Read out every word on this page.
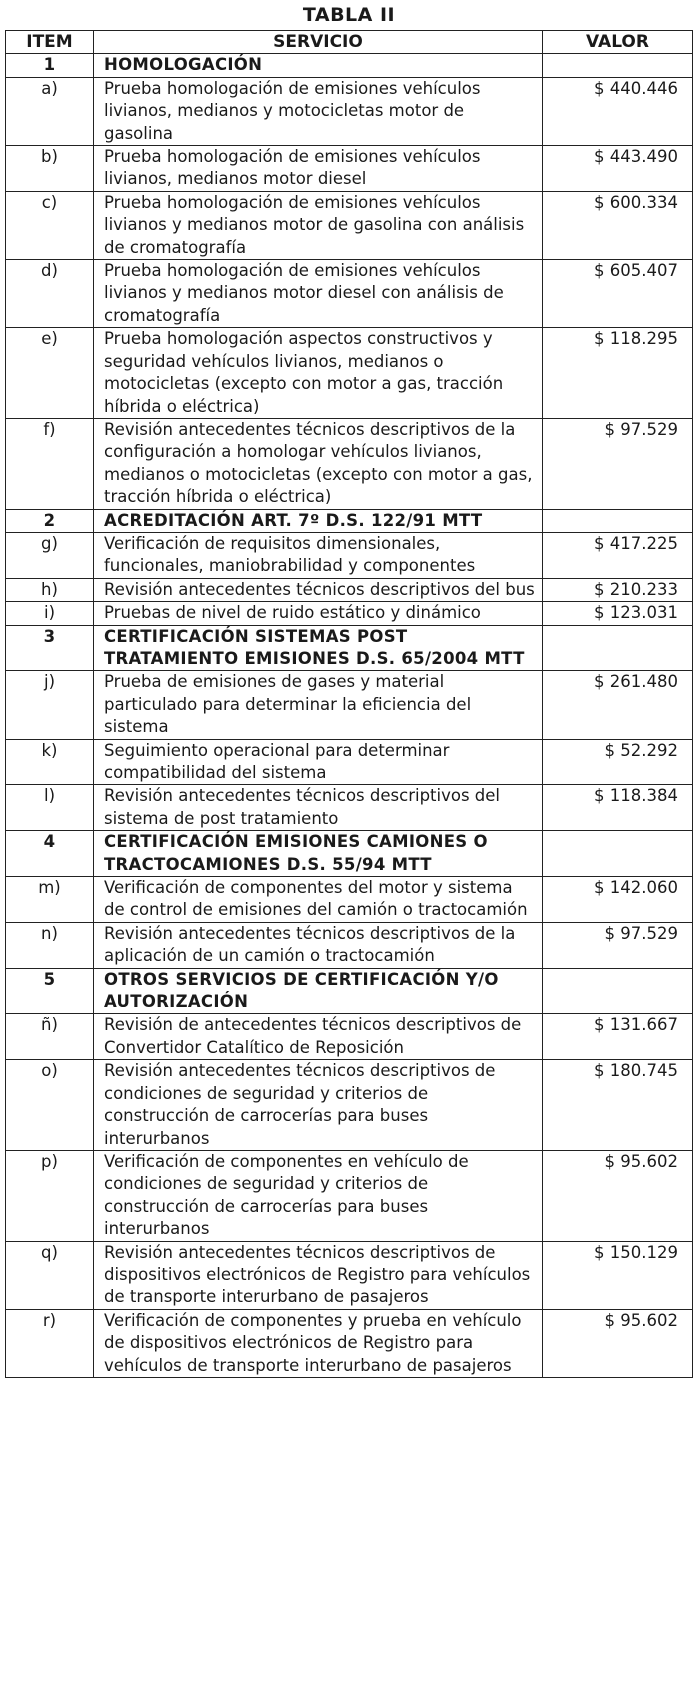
TABLA II
ITEM	SERVICIO	VALOR
1	HOMOLOGACIÓN	
a)	Prueba homologación de emisiones vehículos livianos, medianos y motocicletas motor de gasolina	$ 440.446
b)	Prueba homologación de emisiones vehículos livianos, medianos motor diesel	$ 443.490
c)	Prueba homologación de emisiones vehículos livianos y medianos motor de gasolina con análisis de cromatografía	$ 600.334
d)	Prueba homologación de emisiones vehículos livianos y medianos motor diesel con análisis de cromatografía	$ 605.407
e)	Prueba homologación aspectos constructivos y seguridad vehículos livianos, medianos o motocicletas (excepto con motor a gas, tracción híbrida o eléctrica)	$ 118.295
f)	Revisión antecedentes técnicos descriptivos de la configuración a homologar vehículos livianos, medianos o motocicletas (excepto con motor a gas, tracción híbrida o eléctrica)	$ 97.529
2	ACREDITACIÓN ART. 7º D.S. 122/91 MTT	
g)	Verificación de requisitos dimensionales, funcionales, maniobrabilidad y componentes	$ 417.225
h)	Revisión antecedentes técnicos descriptivos del bus	$ 210.233
i)	Pruebas de nivel de ruido estático y dinámico	$ 123.031
3	CERTIFICACIÓN SISTEMAS POST TRATAMIENTO EMISIONES D.S. 65/2004 MTT	
j)	Prueba de emisiones de gases y material particulado para determinar la eficiencia del sistema	$ 261.480
k)	Seguimiento operacional para determinar compatibilidad del sistema	$ 52.292
l)	Revisión antecedentes técnicos descriptivos del sistema de post tratamiento	$ 118.384
4	CERTIFICACIÓN EMISIONES CAMIONES O TRACTOCAMIONES D.S. 55/94 MTT	
m)	Verificación de componentes del motor y sistema de control de emisiones del camión o tractocamión	$ 142.060
n)	Revisión antecedentes técnicos descriptivos de la aplicación de un camión o tractocamión	$ 97.529
5	OTROS SERVICIOS DE CERTIFICACIÓN Y/O AUTORIZACIÓN	
ñ)	Revisión de antecedentes técnicos descriptivos de Convertidor Catalítico de Reposición	$ 131.667
o)	Revisión antecedentes técnicos descriptivos de condiciones de seguridad y criterios de construcción de carrocerías para buses interurbanos	$ 180.745
p)	Verificación de componentes en vehículo de condiciones de seguridad y criterios de construcción de carrocerías para buses interurbanos	$ 95.602
q)	Revisión antecedentes técnicos descriptivos de dispositivos electrónicos de Registro para vehículos de transporte interurbano de pasajeros	$ 150.129
r)	Verificación de componentes y prueba en vehículo de dispositivos electrónicos de Registro para vehículos de transporte interurbano de pasajeros	$ 95.602
